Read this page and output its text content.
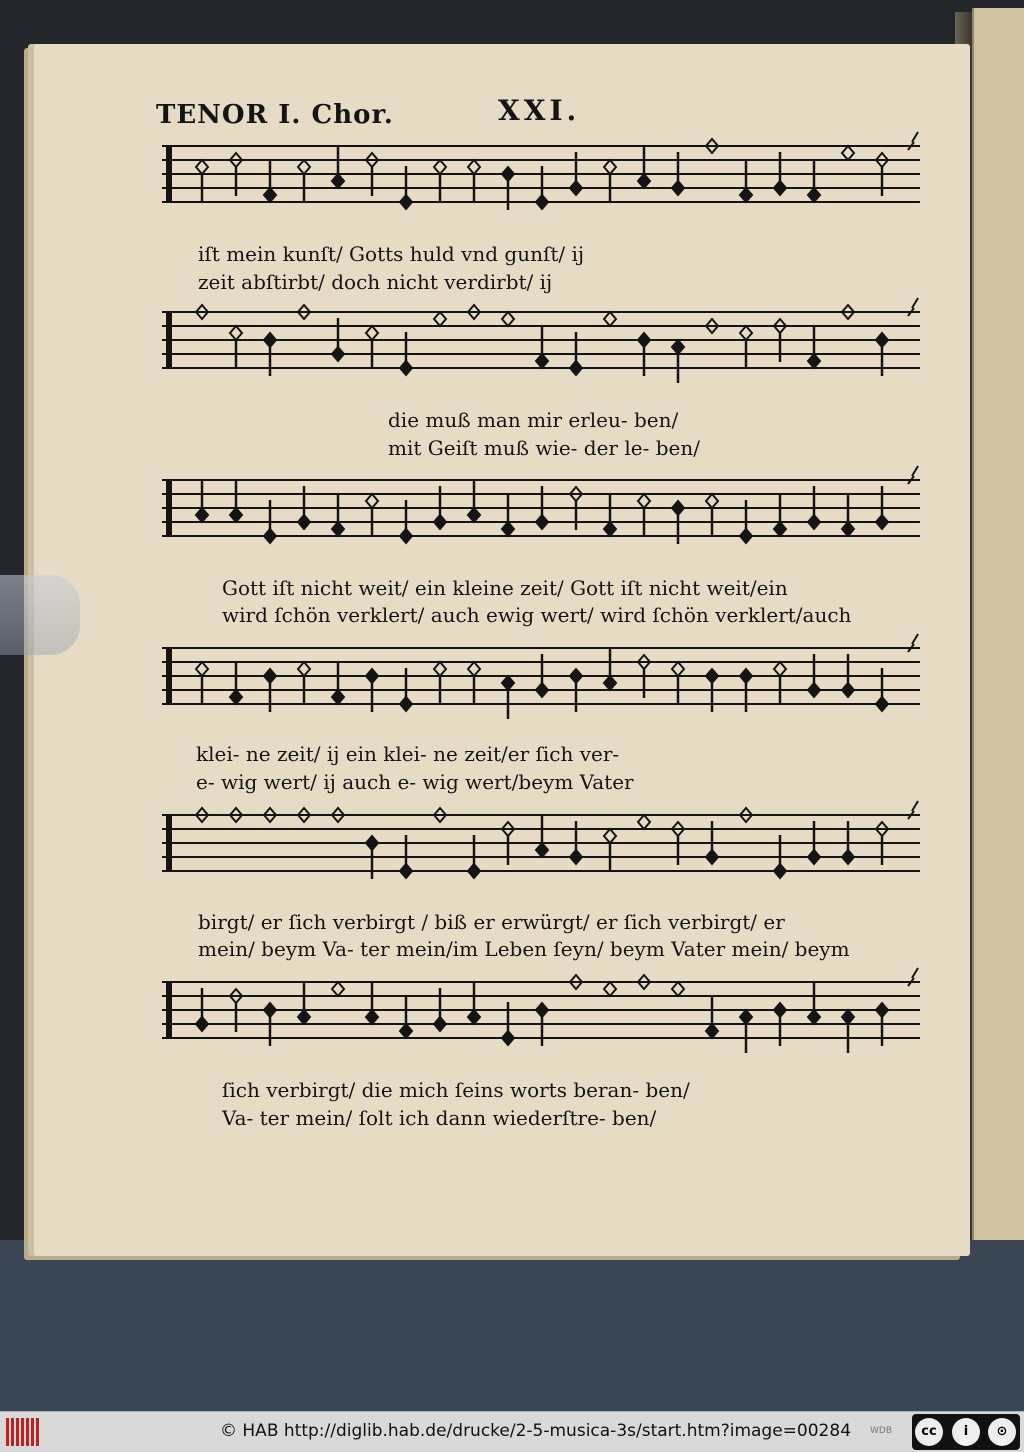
TENOR I. Chor.	XXI.
iſt mein kunſt/ Gotts huld vnd gunſt/ ij
zeit abſtirbt/ doch nicht verdirbt/ ij
die muß man mir erleu- ben/
mit Geiſt muß wie- der le- ben/
Gott iſt nicht weit/ ein kleine zeit/ Gott iſt nicht weit/ein
wird ſchön verklert/ auch ewig wert/ wird ſchön verklert/auch
klei- ne zeit/ ij ein klei- ne zeit/er ſich ver-
e- wig wert/ ij auch e- wig wert/beym Vater
birgt/ er ſich verbirgt / biß er erwürgt/ er ſich verbirgt/ er
mein/ beym Va- ter mein/im Leben ſeyn/ beym Vater mein/ beym
ſich verbirgt/ die mich ſeins worts beran- ben/
Va- ter mein/ ſolt ich dann wiederſtre- ben/
© HAB http://diglib.hab.de/drucke/2-5-musica-3s/start.htm?image=00284 WDB	cc	i	⊙
BY	SA
